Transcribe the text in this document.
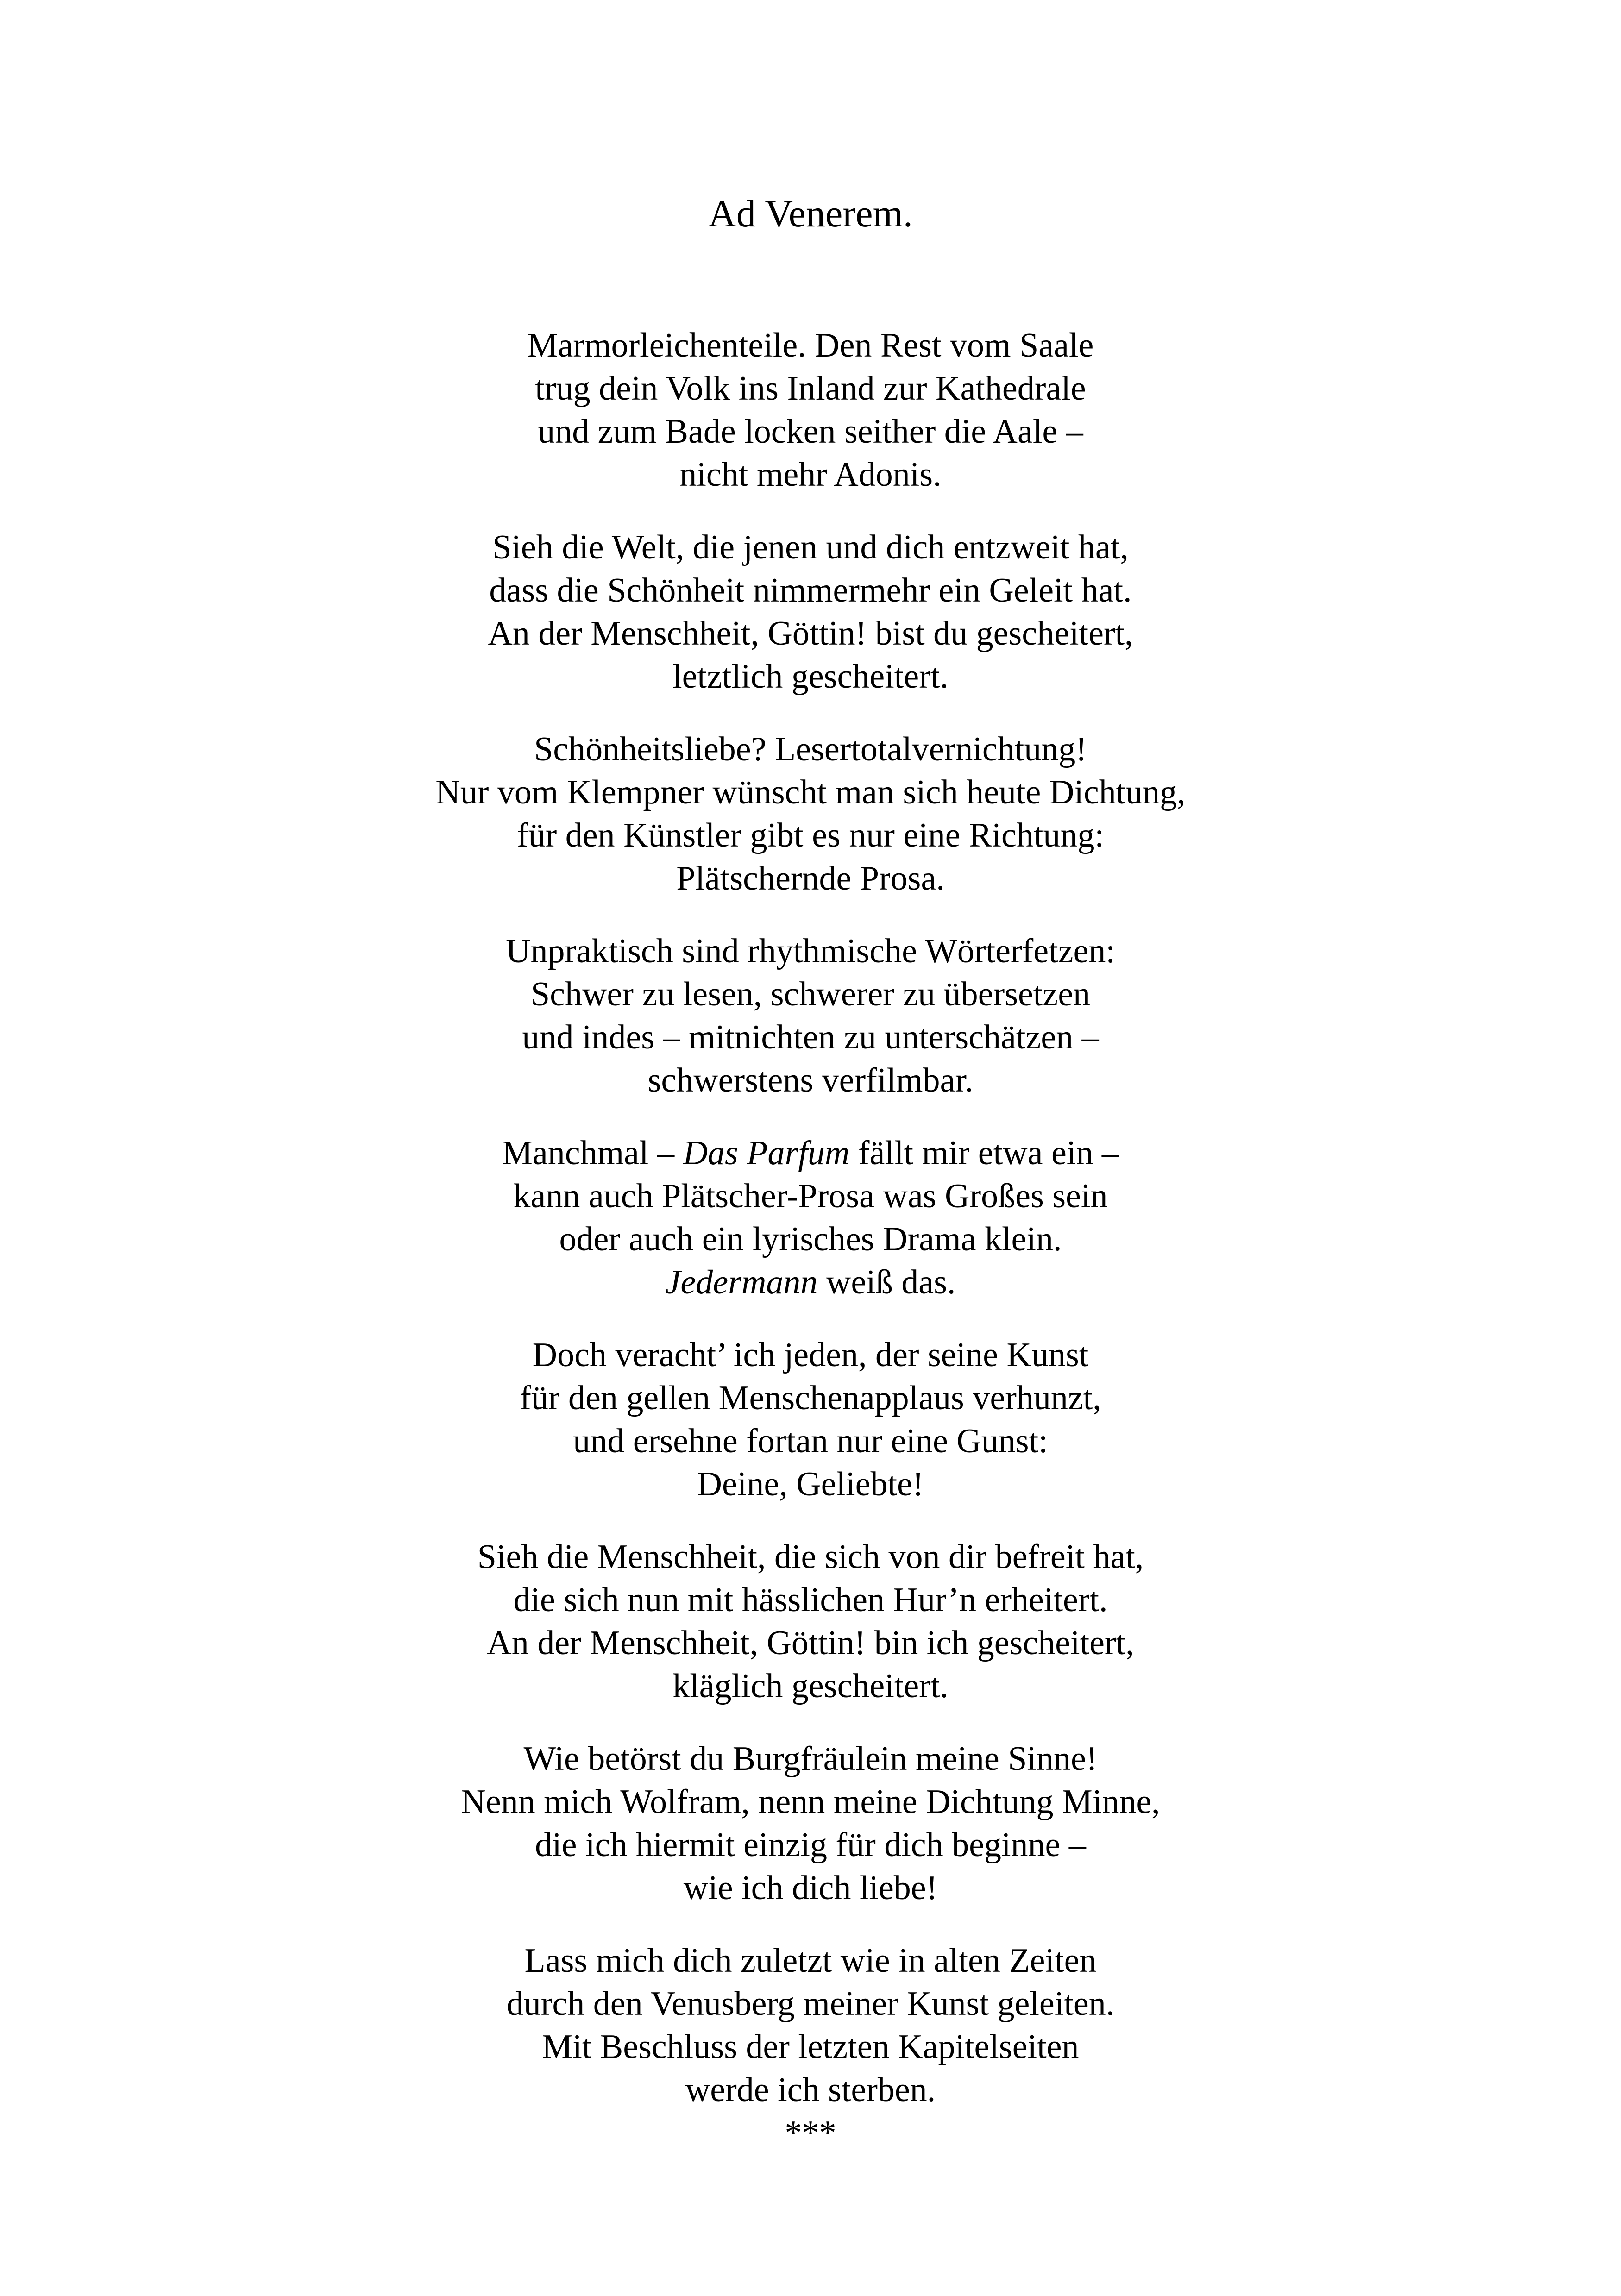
Ad Venerem.
Marmorleichenteile. Den Rest vom Saale
trug dein Volk ins Inland zur Kathedrale
und zum Bade locken seither die Aale –
nicht mehr Adonis.
Sieh die Welt, die jenen und dich entzweit hat,
dass die Schönheit nimmermehr ein Geleit hat.
An der Menschheit, Göttin! bist du gescheitert,
letztlich gescheitert.
Schönheitsliebe? Lesertotalvernichtung!
Nur vom Klempner wünscht man sich heute Dichtung,
für den Künstler gibt es nur eine Richtung:
Plätschernde Prosa.
Unpraktisch sind rhythmische Wörterfetzen:
Schwer zu lesen, schwerer zu übersetzen
und indes – mitnichten zu unterschätzen –
schwerstens verfilmbar.
Manchmal – Das Parfum fällt mir etwa ein –
kann auch Plätscher-Prosa was Großes sein
oder auch ein lyrisches Drama klein.
Jedermann weiß das.
Doch veracht’ ich jeden, der seine Kunst
für den gellen Menschenapplaus verhunzt,
und ersehne fortan nur eine Gunst:
Deine, Geliebte!
Sieh die Menschheit, die sich von dir befreit hat,
die sich nun mit hässlichen Hur’n erheitert.
An der Menschheit, Göttin! bin ich gescheitert,
kläglich gescheitert.
Wie betörst du Burgfräulein meine Sinne!
Nenn mich Wolfram, nenn meine Dichtung Minne,
die ich hiermit einzig für dich beginne –
wie ich dich liebe!
Lass mich dich zuletzt wie in alten Zeiten
durch den Venusberg meiner Kunst geleiten.
Mit Beschluss der letzten Kapitelseiten
werde ich sterben.
***
